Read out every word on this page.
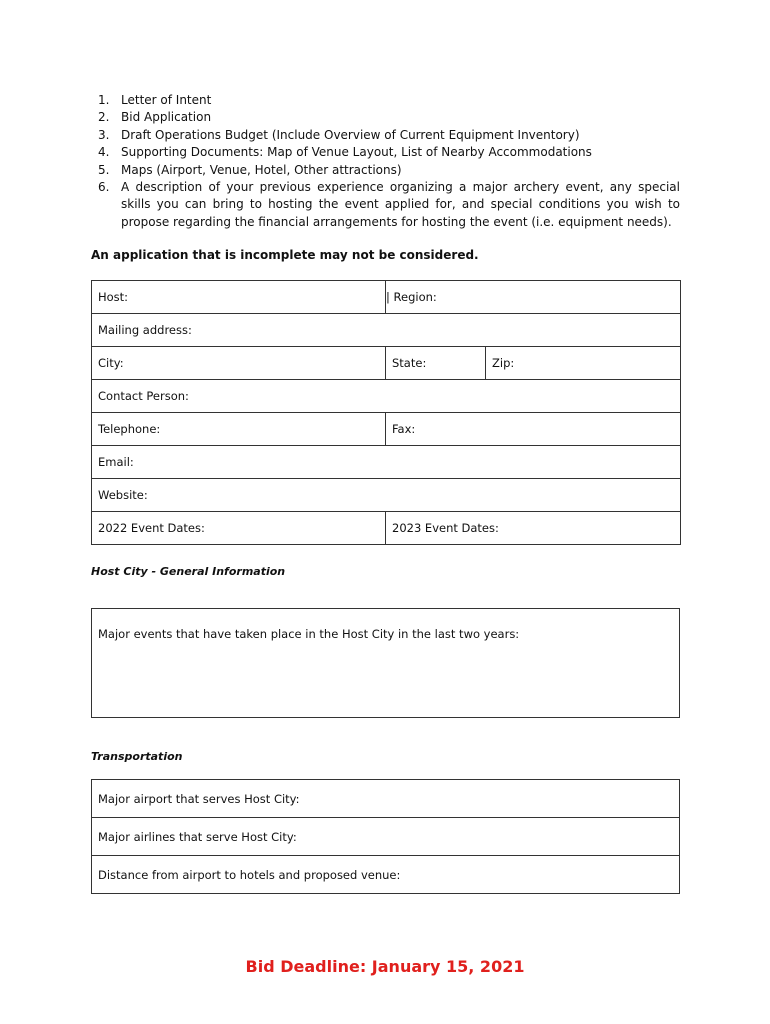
1. Letter of Intent
2. Bid Application
3. Draft Operations Budget (Include Overview of Current Equipment Inventory)
4. Supporting Documents: Map of Venue Layout, List of Nearby Accommodations
5. Maps (Airport, Venue, Hotel, Other attractions)
6. A description of your previous experience organizing a major archery event, any special skills you can bring to hosting the event applied for, and special conditions you wish to propose regarding the financial arrangements for hosting the event (i.e. equipment needs).
An application that is incomplete may not be considered.
Host:	| Region:	
Mailing address:		
City:	State:	Zip:
Contact Person:		
Telephone:	Fax:	
Email:		
Website:		
2022 Event Dates:	2023 Event Dates:	
Host City - General Information
Major events that have taken place in the Host City in the last two years:
Transportation
Major airport that serves Host City:
Major airlines that serve Host City:
Distance from airport to hotels and proposed venue:
Bid Deadline: January 15, 2021
